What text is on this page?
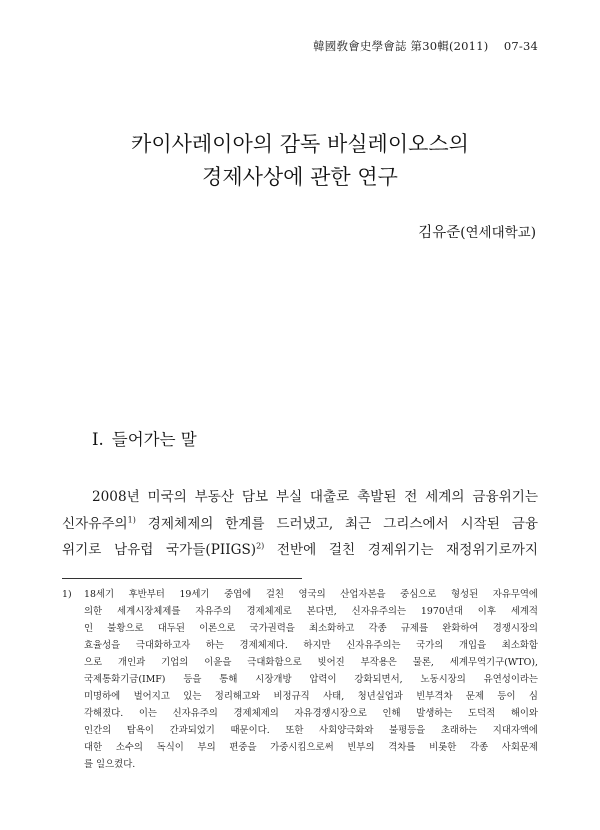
韓國敎會史學會誌 第30輯(2011) 07-34
카이사레이아의 감독 바실레이오스의
경제사상에 관한 연구
김유준(연세대학교)
Ⅰ. 들어가는 말
2008년 미국의 부동산 담보 부실 대출로 촉발된 전 세계의 금융위기는
신자유주의$^{1)}$ 경제체제의 한계를 드러냈고, 최근 그리스에서 시작된 금융
위기로 남유럽 국가들(PIIGS)$^{2)}$ 전반에 걸친 경제위기는 재정위기로까지
1) 18세기 후반부터 19세기 중엽에 걸친 영국의 산업자본을 중심으로 형성된 자유무역에
의한 세계시장체제를 자유주의 경제체제로 본다면, 신자유주의는 1970년대 이후 세계적
인 불황으로 대두된 이론으로 국가권력을 최소화하고 각종 규제를 완화하여 경쟁시장의
효율성을 극대화하고자 하는 경제체제다. 하지만 신자유주의는 국가의 개입을 최소화함
으로 개인과 기업의 이윤을 극대화함으로 빚어진 부작용은 물론, 세계무역기구(WTO),
국제통화기금(IMF) 등을 통해 시장개방 압력이 강화되면서, 노동시장의 유연성이라는
미명하에 벌어지고 있는 정리해고와 비정규직 사태, 청년실업과 빈부격차 문제 등이 심
각해졌다. 이는 신자유주의 경제체제의 자유경쟁시장으로 인해 발생하는 도덕적 해이와
인간의 탐욕이 간과되었기 때문이다. 또한 사회양극화와 불평등을 초래하는 지대자액에
대한 소수의 독식이 부의 편중을 가중시킴으로써 빈부의 격차를 비롯한 각종 사회문제
를 일으켰다.
